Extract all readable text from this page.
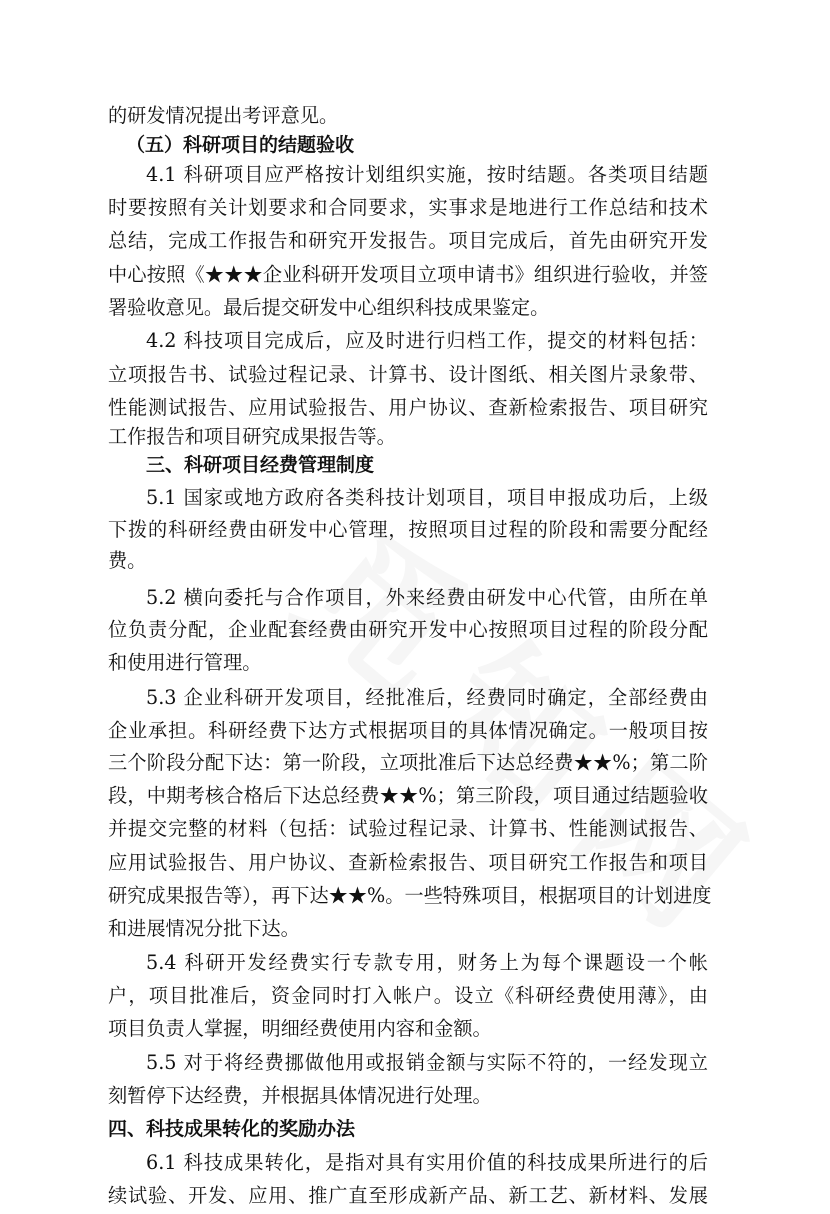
的研发情况提出考评意见。
（五）科研项目的结题验收
4.1 科研项目应严格按计划组织实施，按时结题。各类项目结题
时要按照有关计划要求和合同要求，实事求是地进行工作总结和技术
总结，完成工作报告和研究开发报告。项目完成后，首先由研究开发
中心按照《★★★企业科研开发项目立项申请书》组织进行验收，并签
署验收意见。最后提交研发中心组织科技成果鉴定。
4.2 科技项目完成后，应及时进行归档工作，提交的材料包括：
立项报告书、试验过程记录、计算书、设计图纸、相关图片录象带、
性能测试报告、应用试验报告、用户协议、查新检索报告、项目研究
工作报告和项目研究成果报告等。
三、科研项目经费管理制度
5.1 国家或地方政府各类科技计划项目，项目申报成功后，上级
下拨的科研经费由研发中心管理，按照项目过程的阶段和需要分配经
费。
5.2 横向委托与合作项目，外来经费由研发中心代管，由所在单
位负责分配，企业配套经费由研究开发中心按照项目过程的阶段分配
和使用进行管理。
5.3 企业科研开发项目，经批准后，经费同时确定，全部经费由
企业承担。科研经费下达方式根据项目的具体情况确定。一般项目按
三个阶段分配下达：第一阶段，立项批准后下达总经费★★%；第二阶
段，中期考核合格后下达总经费★★%；第三阶段，项目通过结题验收
并提交完整的材料（包括：试验过程记录、计算书、性能测试报告、
应用试验报告、用户协议、查新检索报告、项目研究工作报告和项目
研究成果报告等），再下达★★%。一些特殊项目，根据项目的计划进度
和进展情况分批下达。
5.4 科研开发经费实行专款专用，财务上为每个课题设一个帐
户，项目批准后，资金同时打入帐户。设立《科研经费使用薄》，由
项目负责人掌握，明细经费使用内容和金额。
5.5 对于将经费挪做他用或报销金额与实际不符的，一经发现立
刻暂停下达经费，并根据具体情况进行处理。
四、科技成果转化的奖励办法
6.1 科技成果转化，是指对具有实用价值的科技成果所进行的后
续试验、开发、应用、推广直至形成新产品、新工艺、新材料、发展
